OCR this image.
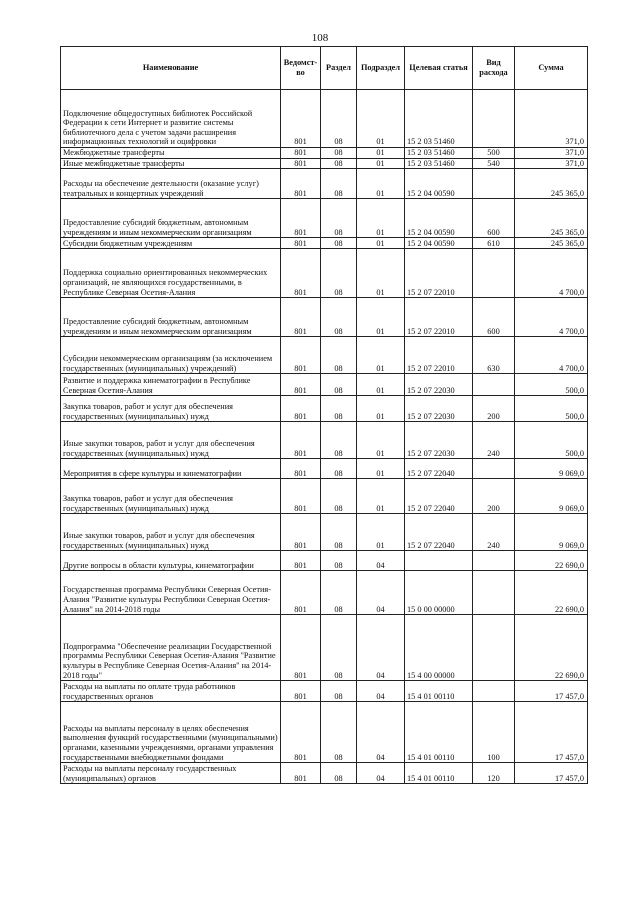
108
Наименование	Ведомст-во	Раздел	Подраздел	Целевая статья	Вид расхода	Сумма
Подключение общедоступных библиотек Российской Федерации к сети Интернет и развитие системы библиотечного дела с учетом задачи расширения информационных технологий и оцифровки	801	08	01	15 2 03 51460		371,0
Межбюджетные трансферты	801	08	01	15 2 03 51460	500	371,0
Иные межбюджетные трансферты	801	08	01	15 2 03 51460	540	371,0
Расходы на обеспечение деятельности (оказание услуг) театральных и концертных учреждений	801	08	01	15 2 04 00590		245 365,0
Предоставление субсидий бюджетным, автономным учреждениям и иным некоммерческим организациям	801	08	01	15 2 04 00590	600	245 365,0
Субсидии бюджетным учреждениям	801	08	01	15 2 04 00590	610	245 365,0
Поддержка социально ориентированных некоммерческих организаций, не являющихся государственными, в Республике Северная Осетия-Алания	801	08	01	15 2 07 22010		4 700,0
Предоставление субсидий бюджетным, автономным учреждениям и иным некоммерческим организациям	801	08	01	15 2 07 22010	600	4 700,0
Субсидии некоммерческим организациям (за исключением государственных (муниципальных) учреждений)	801	08	01	15 2 07 22010	630	4 700,0
Развитие и поддержка кинематографии в Республике Северная Осетия-Алания	801	08	01	15 2 07 22030		500,0
Закупка товаров, работ и услуг для обеспечения государственных (муниципальных) нужд	801	08	01	15 2 07 22030	200	500,0
Иные закупки товаров, работ и услуг для обеспечения государственных (муниципальных) нужд	801	08	01	15 2 07 22030	240	500,0
Мероприятия в сфере культуры и кинематографии	801	08	01	15 2 07 22040		9 069,0
Закупка товаров, работ и услуг для обеспечения государственных (муниципальных) нужд	801	08	01	15 2 07 22040	200	9 069,0
Иные закупки товаров, работ и услуг для обеспечения государственных (муниципальных) нужд	801	08	01	15 2 07 22040	240	9 069,0
Другие вопросы в области культуры, кинематографии	801	08	04			22 690,0
Государственная программа Республики Северная Осетия-Алания "Развитие культуры Республики Северная Осетия-Алания" на 2014-2018 годы	801	08	04	15 0 00 00000		22 690,0
Подпрограмма "Обеспечение реализации Государственной программы Республики Северная Осетия-Алания "Развитие культуры в Республике Северная Осетия-Алания" на 2014-2018 годы"	801	08	04	15 4 00 00000		22 690,0
Расходы на выплаты по оплате труда работников государственных органов	801	08	04	15 4 01 00110		17 457,0
Расходы на выплаты персоналу в целях обеспечения выполнения функций государственными (муниципальными) органами, казенными учреждениями, органами управления государственными внебюджетными фондами	801	08	04	15 4 01 00110	100	17 457,0
Расходы на выплаты персоналу государственных (муниципальных) органов	801	08	04	15 4 01 00110	120	17 457,0
